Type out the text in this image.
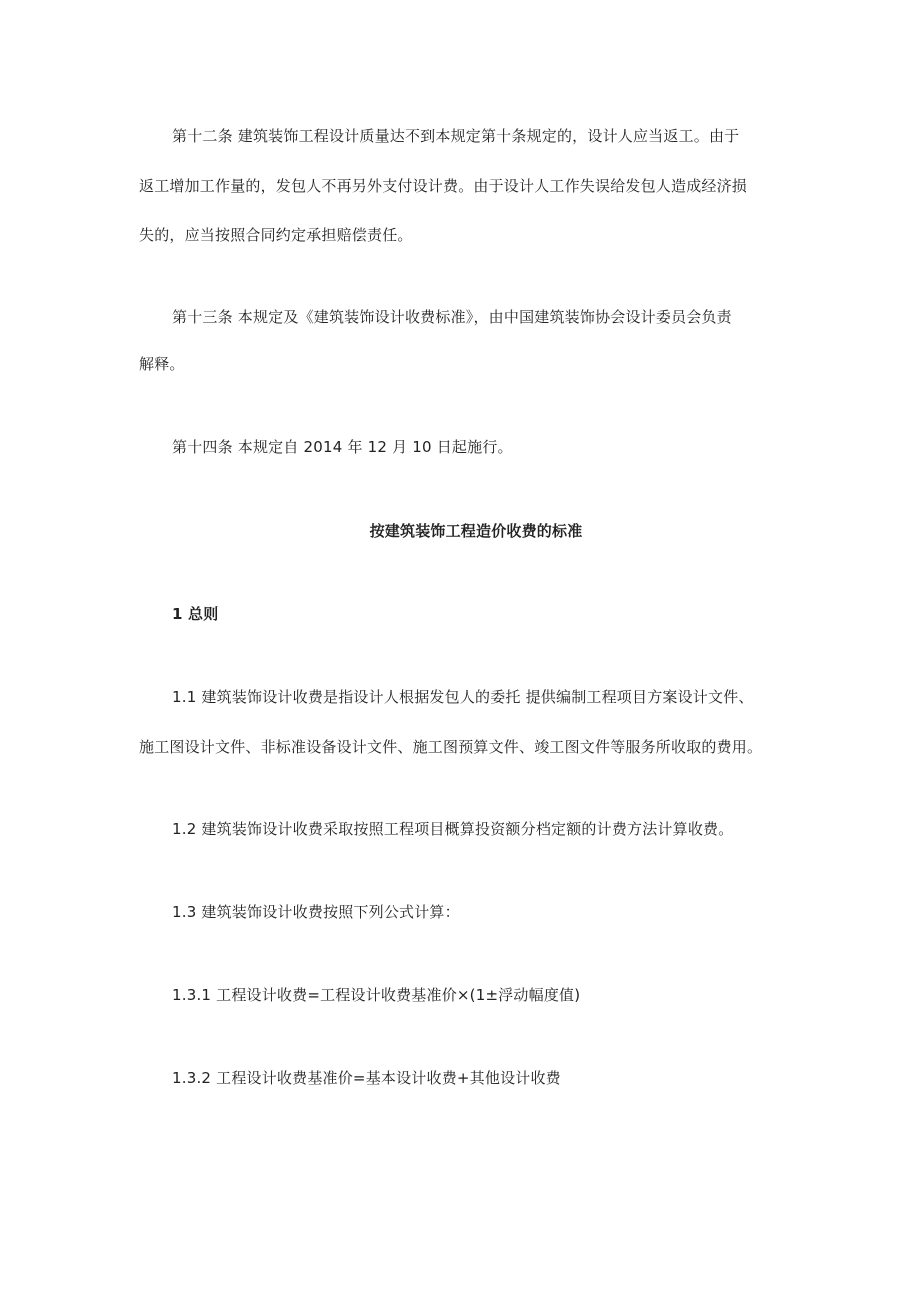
第十二条 建筑装饰工程设计质量达不到本规定第十条规定的，设计人应当返工。由于
返工增加工作量的，发包人不再另外支付设计费。由于设计人工作失误给发包人造成经济损
失的，应当按照合同约定承担赔偿责任。
第十三条 本规定及《建筑装饰设计收费标准》，由中国建筑装饰协会设计委员会负责
解释。
第十四条 本规定自 2014 年 12 月 10 日起施行。
按建筑装饰工程造价收费的标准
1 总则
1.1 建筑装饰设计收费是指设计人根据发包人的委托 提供编制工程项目方案设计文件、
施工图设计文件、非标准设备设计文件、施工图预算文件、竣工图文件等服务所收取的费用。
1.2 建筑装饰设计收费采取按照工程项目概算投资额分档定额的计费方法计算收费。
1.3 建筑装饰设计收费按照下列公式计算：
1.3.1 工程设计收费=工程设计收费基准价×(1±浮动幅度值)
1.3.2 工程设计收费基准价=基本设计收费+其他设计收费
